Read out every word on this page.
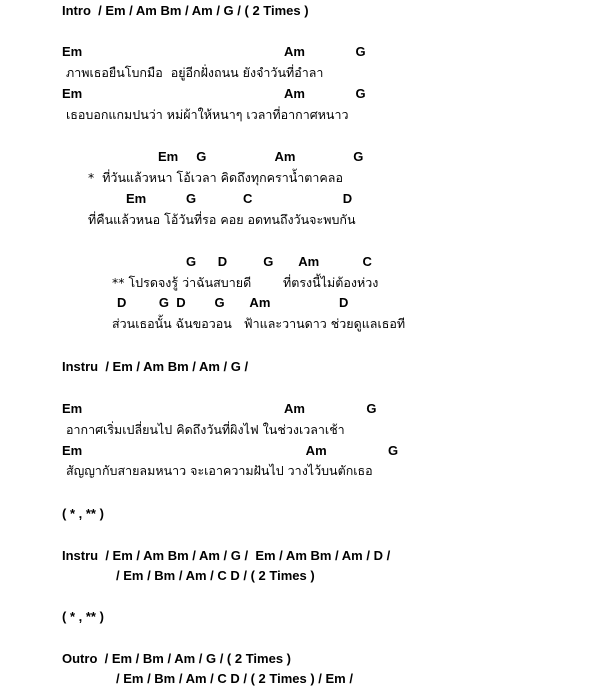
Intro  / Em / Am Bm / Am / G / ( 2 Times )
Em                                                        Am              G
ภาพเธอยืนโบกมือ  อยู่อีกฝั่งถนน ยังจำวันที่อำลา
Em                                                        Am              G
เธอบอกแกมปนว่า หม่ผ้าให้หนาๆ เวลาที่อากาศหนาว
Em     G                   Am                G
*  ที่วันแล้วหนา โอ้เวลา คิดถึงทุกคราน้ำตาคลอ
Em           G             C                         D
ที่คืนแล้วหนอ โอ้วันที่รอ คอย อดทนถึงวันจะพบกัน
G      D          G       Am            C
** โปรดจงรู้ ว่าฉันสบายดี        ที่ตรงนี้ไม่ต้องห่วง
D         G  D        G       Am                   D
ส่วนเธอนั้น ฉันขอวอน   ฟ้าและวานดาว ช่วยดูแลเธอที
Instru  / Em / Am Bm / Am / G /
Em                                                        Am                 G
อากาศเริ่มเปลี่ยนไป คิดถึงวันที่ผิงไฟ ในช่วงเวลาเช้า
Em                                                              Am                 G
สัญญากับสายลมหนาว จะเอาความฝันไป วางไว้บนตักเธอ
( * , ** )
Instru  / Em / Am Bm / Am / G /  Em / Am Bm / Am / D /
/ Em / Bm / Am / C D / ( 2 Times )
( * , ** )
Outro  / Em / Bm / Am / G / ( 2 Times )
/ Em / Bm / Am / C D / ( 2 Times ) / Em /
